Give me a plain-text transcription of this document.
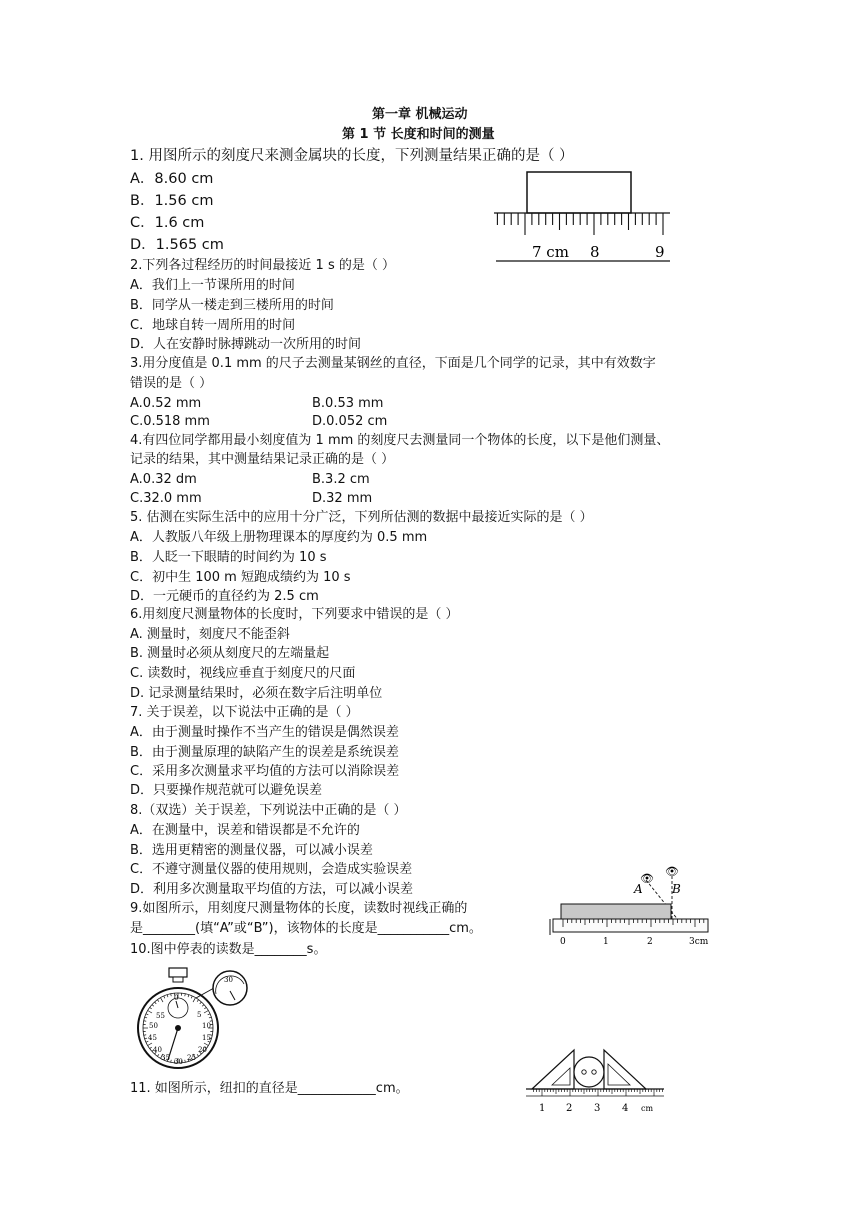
第一章 机械运动
第 1 节 长度和时间的测量
1. 用图所示的刻度尺来测金属块的长度，下列测量结果正确的是（ ）
A．8.60 cm
B．1.56 cm
C．1.6 cm
D．1.565 cm	7 cm 8	9
2.下列各过程经历的时间最接近 1 s 的是（ ）
A．我们上一节课所用的时间
B．同学从一楼走到三楼所用的时间
C．地球自转一周所用的时间
D．人在安静时脉搏跳动一次所用的时间
3.用分度值是 0.1 mm 的尺子去测量某钢丝的直径，下面是几个同学的记录，其中有效数字
错误的是（ ）
A.0.52 mm	B.0.53 mm
C.0.518 mm	D.0.052 cm
4.有四位同学都用最小刻度值为 1 mm 的刻度尺去测量同一个物体的长度，以下是他们测量、
记录的结果，其中测量结果记录正确的是（ ）
A.0.32 dm	B.3.2 cm
C.32.0 mm	D.32 mm
5. 估测在实际生活中的应用十分广泛，下列所估测的数据中最接近实际的是（ ）
A．人教版八年级上册物理课本的厚度约为 0.5 mm
B．人眨一下眼睛的时间约为 10 s
C．初中生 100 m 短跑成绩约为 10 s
D．一元硬币的直径约为 2.5 cm
6.用刻度尺测量物体的长度时，下列要求中错误的是（ ）
A. 测量时，刻度尺不能歪斜
B. 测量时必须从刻度尺的左端量起
C. 读数时，视线应垂直于刻度尺的尺面
D. 记录测量结果时，必须在数字后注明单位
7. 关于误差，以下说法中正确的是（ ）
A．由于测量时操作不当产生的错误是偶然误差
B．由于测量原理的缺陷产生的误差是系统误差
C．采用多次测量求平均值的方法可以消除误差
D．只要操作规范就可以避免误差
8.（双选）关于误差，下列说法中正确的是（ ）
A．在测量中，误差和错误都是不允许的
B．选用更精密的测量仪器，可以减小误差
C．不遵守测量仪器的使用规则，会造成实验误差
D．利用多次测量取平均值的方法，可以减小误差
9.如图所示，用刻度尺测量物体的长度，读数时视线正确的
是________(填“A”或“B”)，该物体的长度是___________cm。
👁
👁
A B
0	1	2	3cm
10.图中停表的读数是________s。
0
55
50
45
40
35 30 25
20
15
10
5
30
11. 如图所示，纽扣的直径是____________cm。
1 2 3 4 cm
